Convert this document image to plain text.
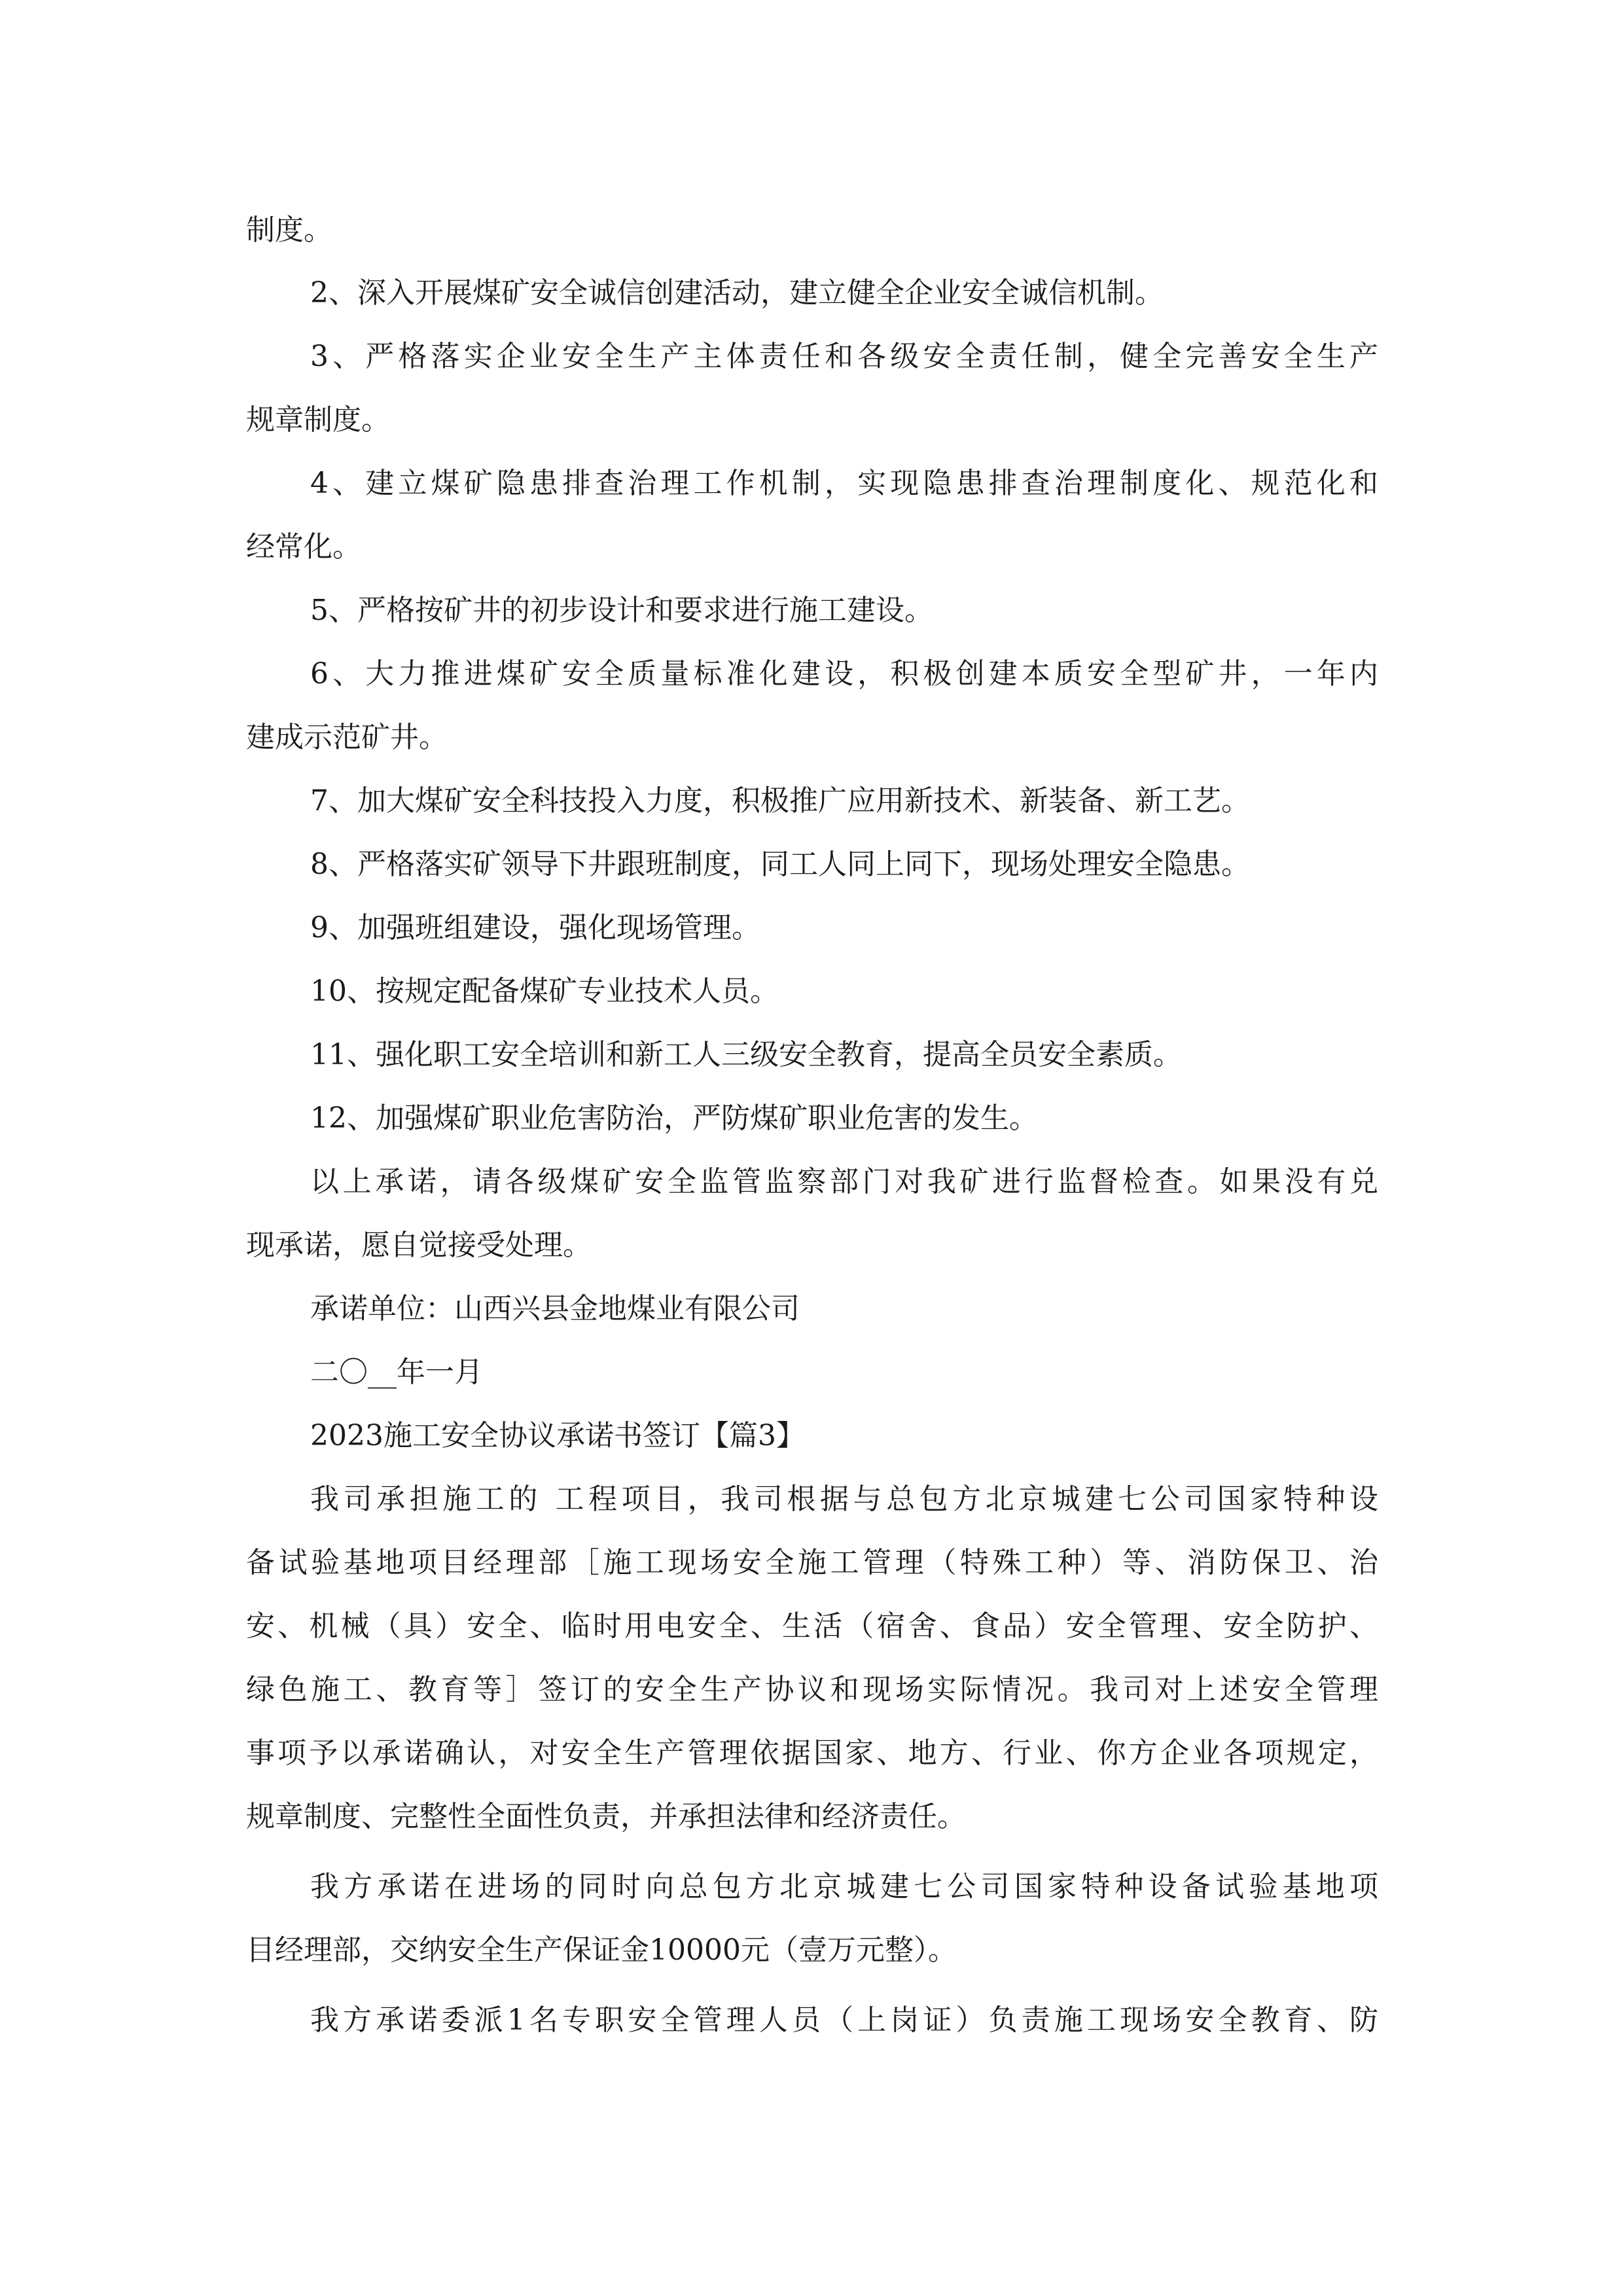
制度。
2、深入开展煤矿安全诚信创建活动，建立健全企业安全诚信机制。
3、严格落实企业安全生产主体责任和各级安全责任制，健全完善安全生产
规章制度。
4、建立煤矿隐患排查治理工作机制，实现隐患排查治理制度化、规范化和
经常化。
5、严格按矿井的初步设计和要求进行施工建设。
6、大力推进煤矿安全质量标准化建设，积极创建本质安全型矿井，一年内
建成示范矿井。
7、加大煤矿安全科技投入力度，积极推广应用新技术、新装备、新工艺。
8、严格落实矿领导下井跟班制度，同工人同上同下，现场处理安全隐患。
9、加强班组建设，强化现场管理。
10、按规定配备煤矿专业技术人员。
11、强化职工安全培训和新工人三级安全教育，提高全员安全素质。
12、加强煤矿职业危害防治，严防煤矿职业危害的发生。
以上承诺，请各级煤矿安全监管监察部门对我矿进行监督检查。如果没有兑
现承诺，愿自觉接受处理。
承诺单位：山西兴县金地煤业有限公司
二〇__年一月
2023施工安全协议承诺书签订【篇3】
我司承担施工的 工程项目，我司根据与总包方北京城建七公司国家特种设
备试验基地项目经理部［施工现场安全施工管理（特殊工种）等、消防保卫、治
安、机械（具）安全、临时用电安全、生活（宿舍、食品）安全管理、安全防护、
绿色施工、教育等］签订的安全生产协议和现场实际情况。我司对上述安全管理
事项予以承诺确认，对安全生产管理依据国家、地方、行业、你方企业各项规定，
规章制度、完整性全面性负责，并承担法律和经济责任。
我方承诺在进场的同时向总包方北京城建七公司国家特种设备试验基地项
目经理部，交纳安全生产保证金10000元（壹万元整）。
我方承诺委派1名专职安全管理人员（上岗证）负责施工现场安全教育、防
